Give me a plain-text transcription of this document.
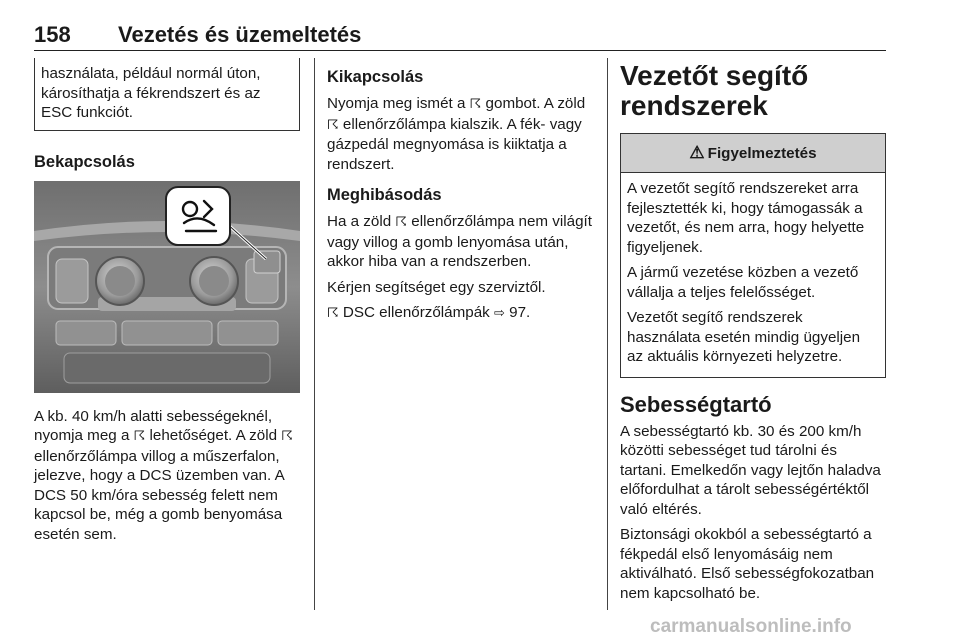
158 Vezetés és üzemeltetés

használata, például normál úton, károsíthatja a fékrendszert és az ESC funkciót.

Bekapcsolás

A kb. 40 km/h alatti sebességeknél, nyomja meg a ☈ lehetőséget. A zöld ☈ ellenőrzőlámpa villog a műszerfalon, jelezve, hogy a DCS üzemben van. A DCS 50 km/óra sebesség felett nem kapcsol be, még a gomb benyomása esetén sem.

Kikapcsolás

Nyomja meg ismét a ☈ gombot. A zöld ☈ ellenőrzőlámpa kialszik. A fék- vagy gázpedál megnyomása is kiiktatja a rendszert.

Meghibásodás

Ha a zöld ☈ ellenőrzőlámpa nem világít vagy villog a gomb lenyomása után, akkor hiba van a rendszerben.

Kérjen segítséget egy szerviztől.

☈ DSC ellenőrzőlámpák ⇨ 97.

Vezetőt segítő rendszerek
⚠ Figyelmeztetés

A vezetőt segítő rendszereket arra fejlesztették ki, hogy támogassák a vezetőt, és nem arra, hogy helyette figyeljenek.

A jármű vezetése közben a vezető vállalja a teljes felelősséget.

Vezetőt segítő rendszerek használata esetén mindig ügyeljen az aktuális környezeti helyzetre.

Sebességtartó

A sebességtartó kb. 30 és 200 km/h közötti sebességet tud tárolni és tartani. Emelkedőn vagy lejtőn haladva előfordulhat a tárolt sebességértéktől való eltérés.

Biztonsági okokból a sebességtartó a fékpedál első lenyomásáig nem aktiválható. Első sebességfokozatban nem kapcsolható be.

carmanualsonline.info
